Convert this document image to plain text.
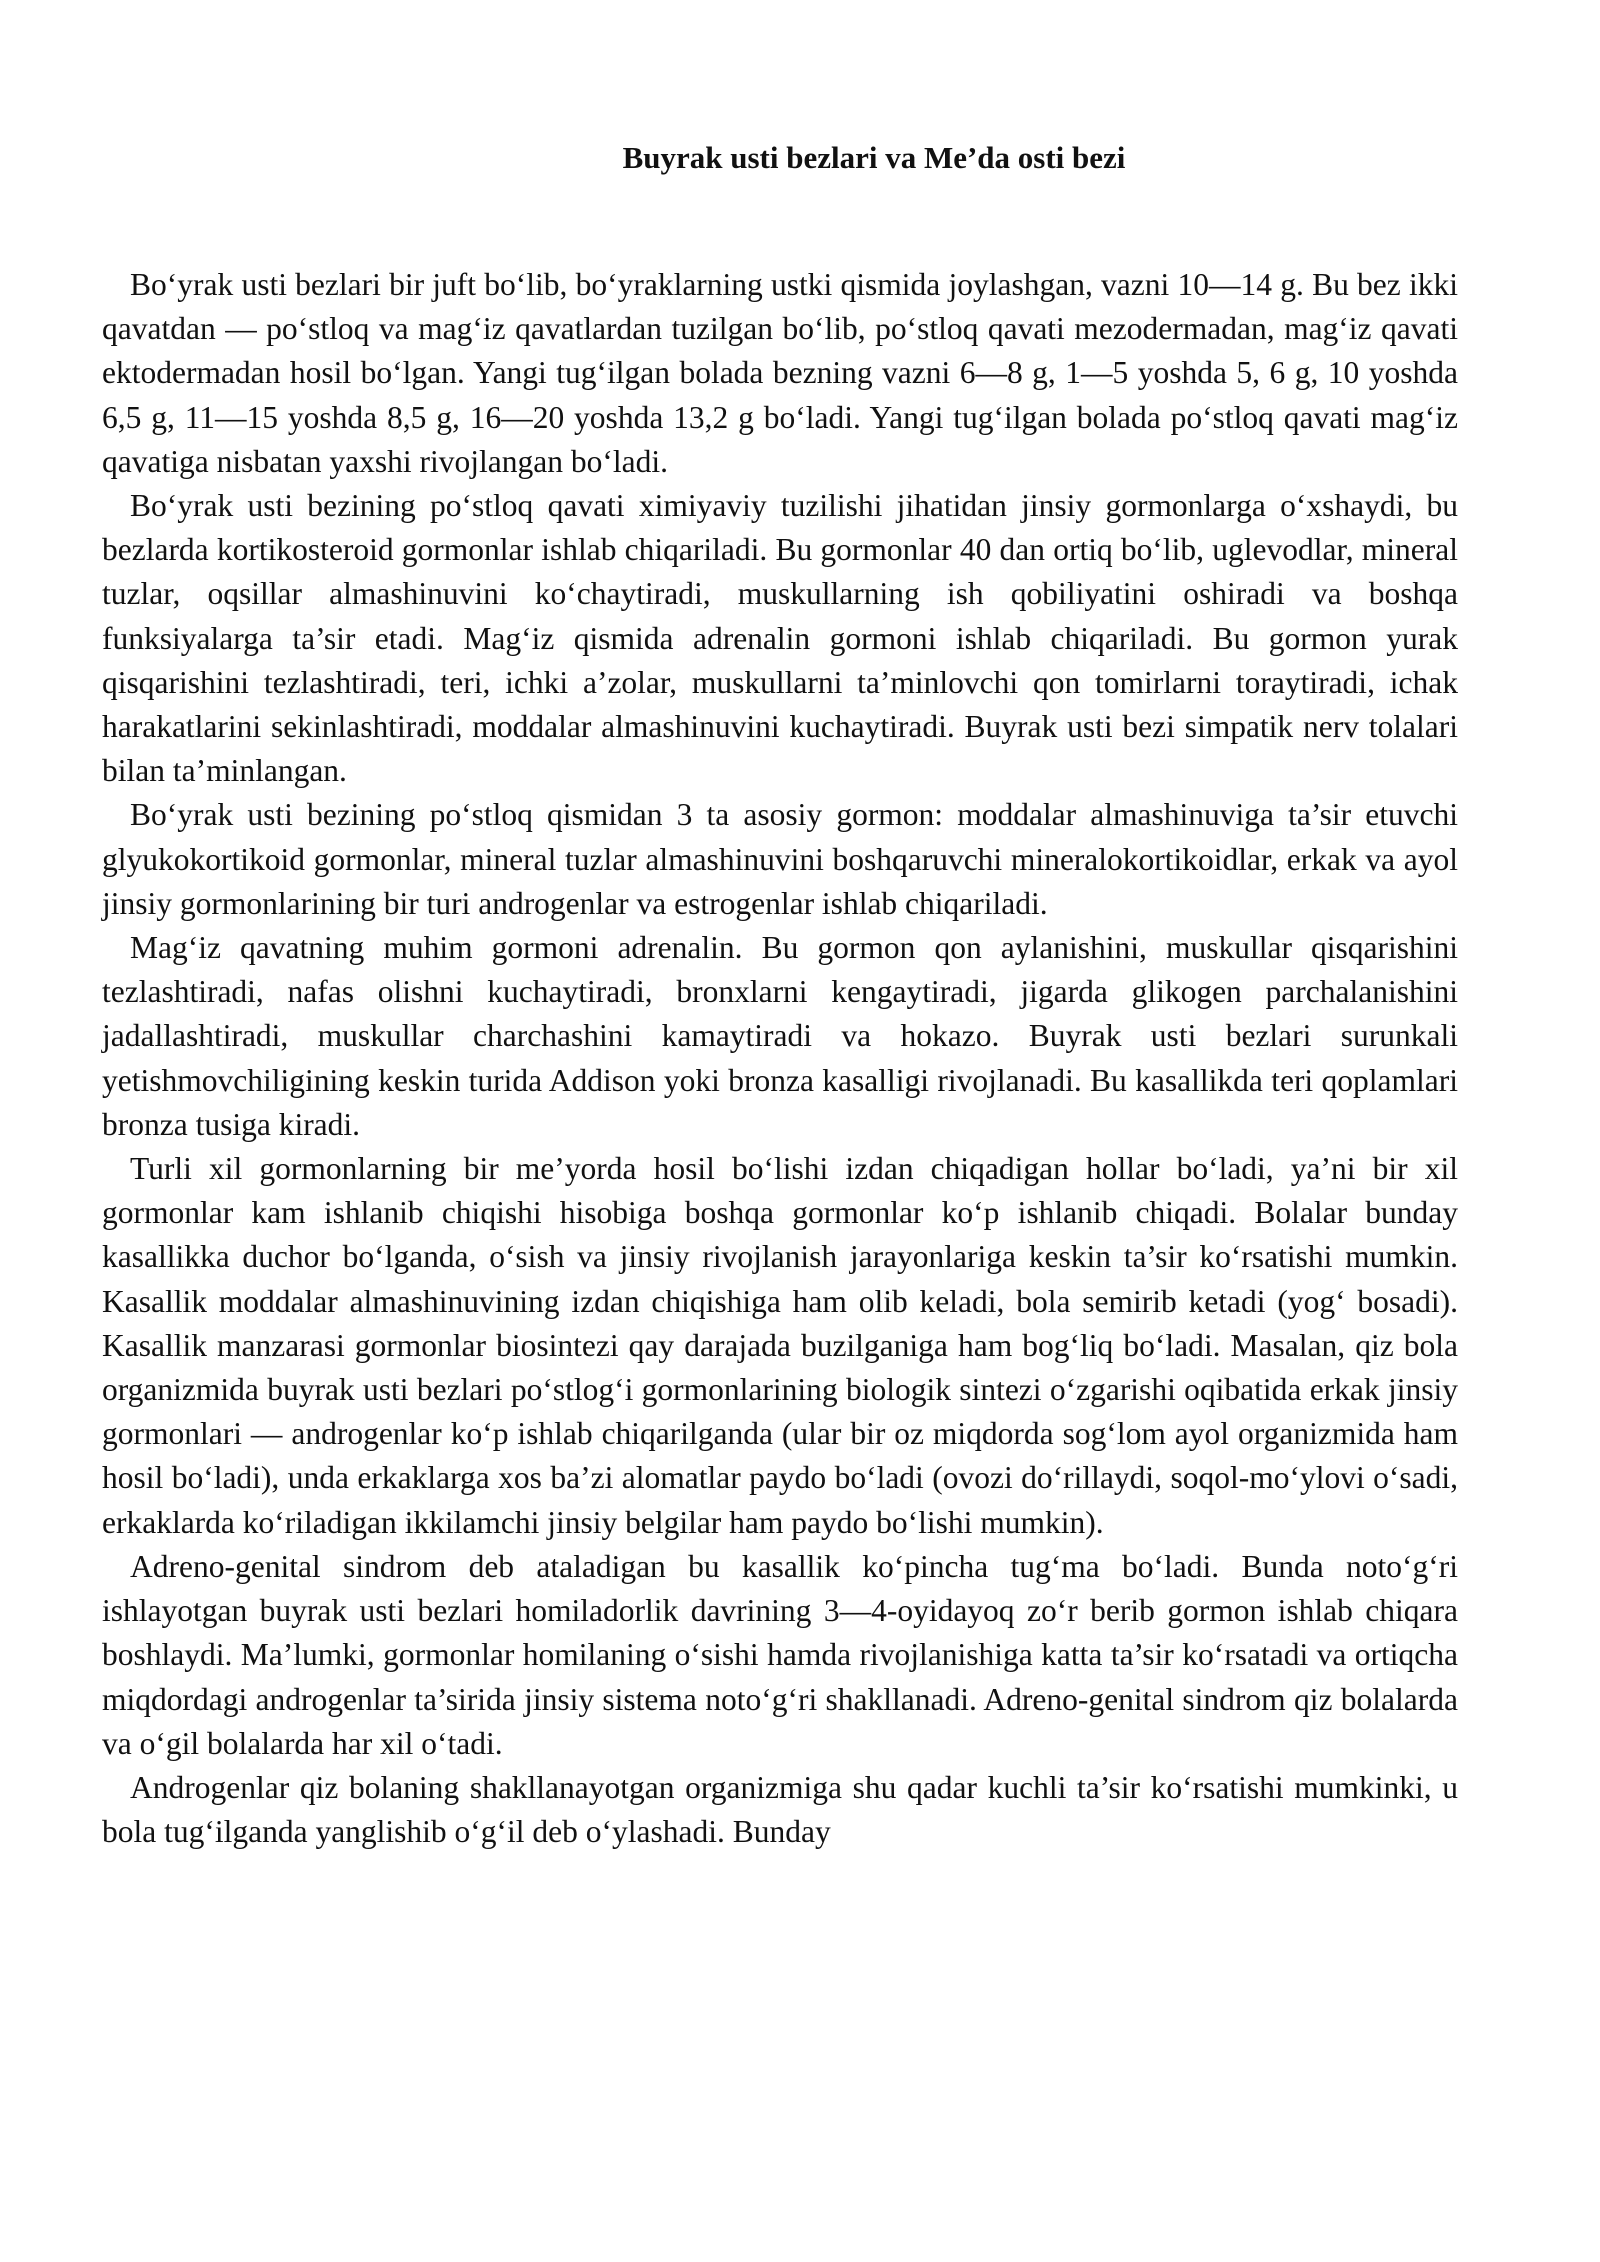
Buyrak usti bezlari va Me’da osti bezi

Bo‘yrak usti bezlari bir juft bo‘lib, bo‘yraklarning ustki qismida joylashgan, vazni 10—14 g. Bu bez ikki qavatdan — po‘stloq va mag‘iz qavatlardan tuzilgan bo‘lib, po‘stloq qavati mezodermadan, mag‘iz qavati ektodermadan hosil bo‘lgan. Yangi tug‘ilgan bolada bezning vazni 6—8 g, 1—5 yoshda 5, 6 g, 10 yoshda 6,5 g, 11—15 yoshda 8,5 g, 16—20 yoshda 13,2 g bo‘ladi. Yangi tug‘ilgan bolada po‘stloq qavati mag‘iz qavatiga nisbatan yaxshi rivojlangan bo‘ladi.

Bo‘yrak usti bezining po‘stloq qavati ximiyaviy tuzilishi jihatidan jinsiy gormonlarga o‘xshaydi, bu bezlarda kortikosteroid gormonlar ishlab chiqariladi. Bu gormonlar 40 dan ortiq bo‘lib, uglevodlar, mineral tuzlar, oqsillar almashinuvini ko‘chaytiradi, muskullarning ish qobiliyatini oshiradi va boshqa funksiyalarga ta’sir etadi. Mag‘iz qismida adrenalin gormoni ishlab chiqariladi. Bu gormon yurak qisqarishini tezlashtiradi, teri, ichki a’zolar, muskullarni ta’minlovchi qon tomirlarni toraytiradi, ichak harakatlarini sekinlashtiradi, moddalar almashinuvini kuchaytiradi. Buyrak usti bezi simpatik nerv tolalari bilan ta’minlangan.

Bo‘yrak usti bezining po‘stloq qismidan 3 ta asosiy gormon: moddalar almashinuviga ta’sir etuvchi glyukokortikoid gormonlar, mineral tuzlar almashinuvini boshqaruvchi mineralokortikoidlar, erkak va ayol jinsiy gormonlarining bir turi androgenlar va estrogenlar ishlab chiqariladi.

Mag‘iz qavatning muhim gormoni adrenalin. Bu gormon qon aylanishini, muskullar qisqarishini tezlashtiradi, nafas olishni kuchaytiradi, bronxlarni kengaytiradi, jigarda glikogen parchalanishini jadallashtiradi, muskullar charchashini kamaytiradi va hokazo. Buyrak usti bezlari surunkali yetishmovchiligining keskin turida Addison yoki bronza kasalligi rivojlanadi. Bu kasallikda teri qoplamlari bronza tusiga kiradi.

Turli xil gormonlarning bir me’yorda hosil bo‘lishi izdan chiqadigan hollar bo‘ladi, ya’ni bir xil gormonlar kam ishlanib chiqishi hisobiga boshqa gormonlar ko‘p ishlanib chiqadi. Bolalar bunday kasallikka duchor bo‘lganda, o‘sish va jinsiy rivojlanish jarayonlariga keskin ta’sir ko‘rsatishi mumkin. Kasallik moddalar almashinuvining izdan chiqishiga ham olib keladi, bola semirib ketadi (yog‘ bosadi). Kasallik manzarasi gormonlar biosintezi qay darajada buzilganiga ham bog‘liq bo‘ladi. Masalan, qiz bola organizmida buyrak usti bezlari po‘stlog‘i gormonlarining biologik sintezi o‘zgarishi oqibatida erkak jinsiy gormonlari — androgenlar ko‘p ishlab chiqarilganda (ular bir oz miqdorda sog‘lom ayol organizmida ham hosil bo‘ladi), unda erkaklarga xos ba’zi alomatlar paydo bo‘ladi (ovozi do‘rillaydi, soqol-mo‘ylovi o‘sadi, erkaklarda ko‘riladigan ikkilamchi jinsiy belgilar ham paydo bo‘lishi mumkin).

Adreno-genital sindrom deb ataladigan bu kasallik ko‘pincha tug‘ma bo‘ladi. Bunda noto‘g‘ri ishlayotgan buyrak usti bezlari homiladorlik davrining 3—4-oyidayoq zo‘r berib gormon ishlab chiqara boshlaydi. Ma’lumki, gormonlar homilaning o‘sishi hamda rivojlanishiga katta ta’sir ko‘rsatadi va ortiqcha miqdordagi androgenlar ta’sirida jinsiy sistema noto‘g‘ri shakllanadi. Adreno-genital sindrom qiz bolalarda va o‘gil bolalarda har xil o‘tadi.

Androgenlar qiz bolaning shakllanayotgan organizmiga shu qadar kuchli ta’sir ko‘rsatishi mumkinki, u bola tug‘ilganda yanglishib o‘g‘il deb o‘ylashadi. Bunday
